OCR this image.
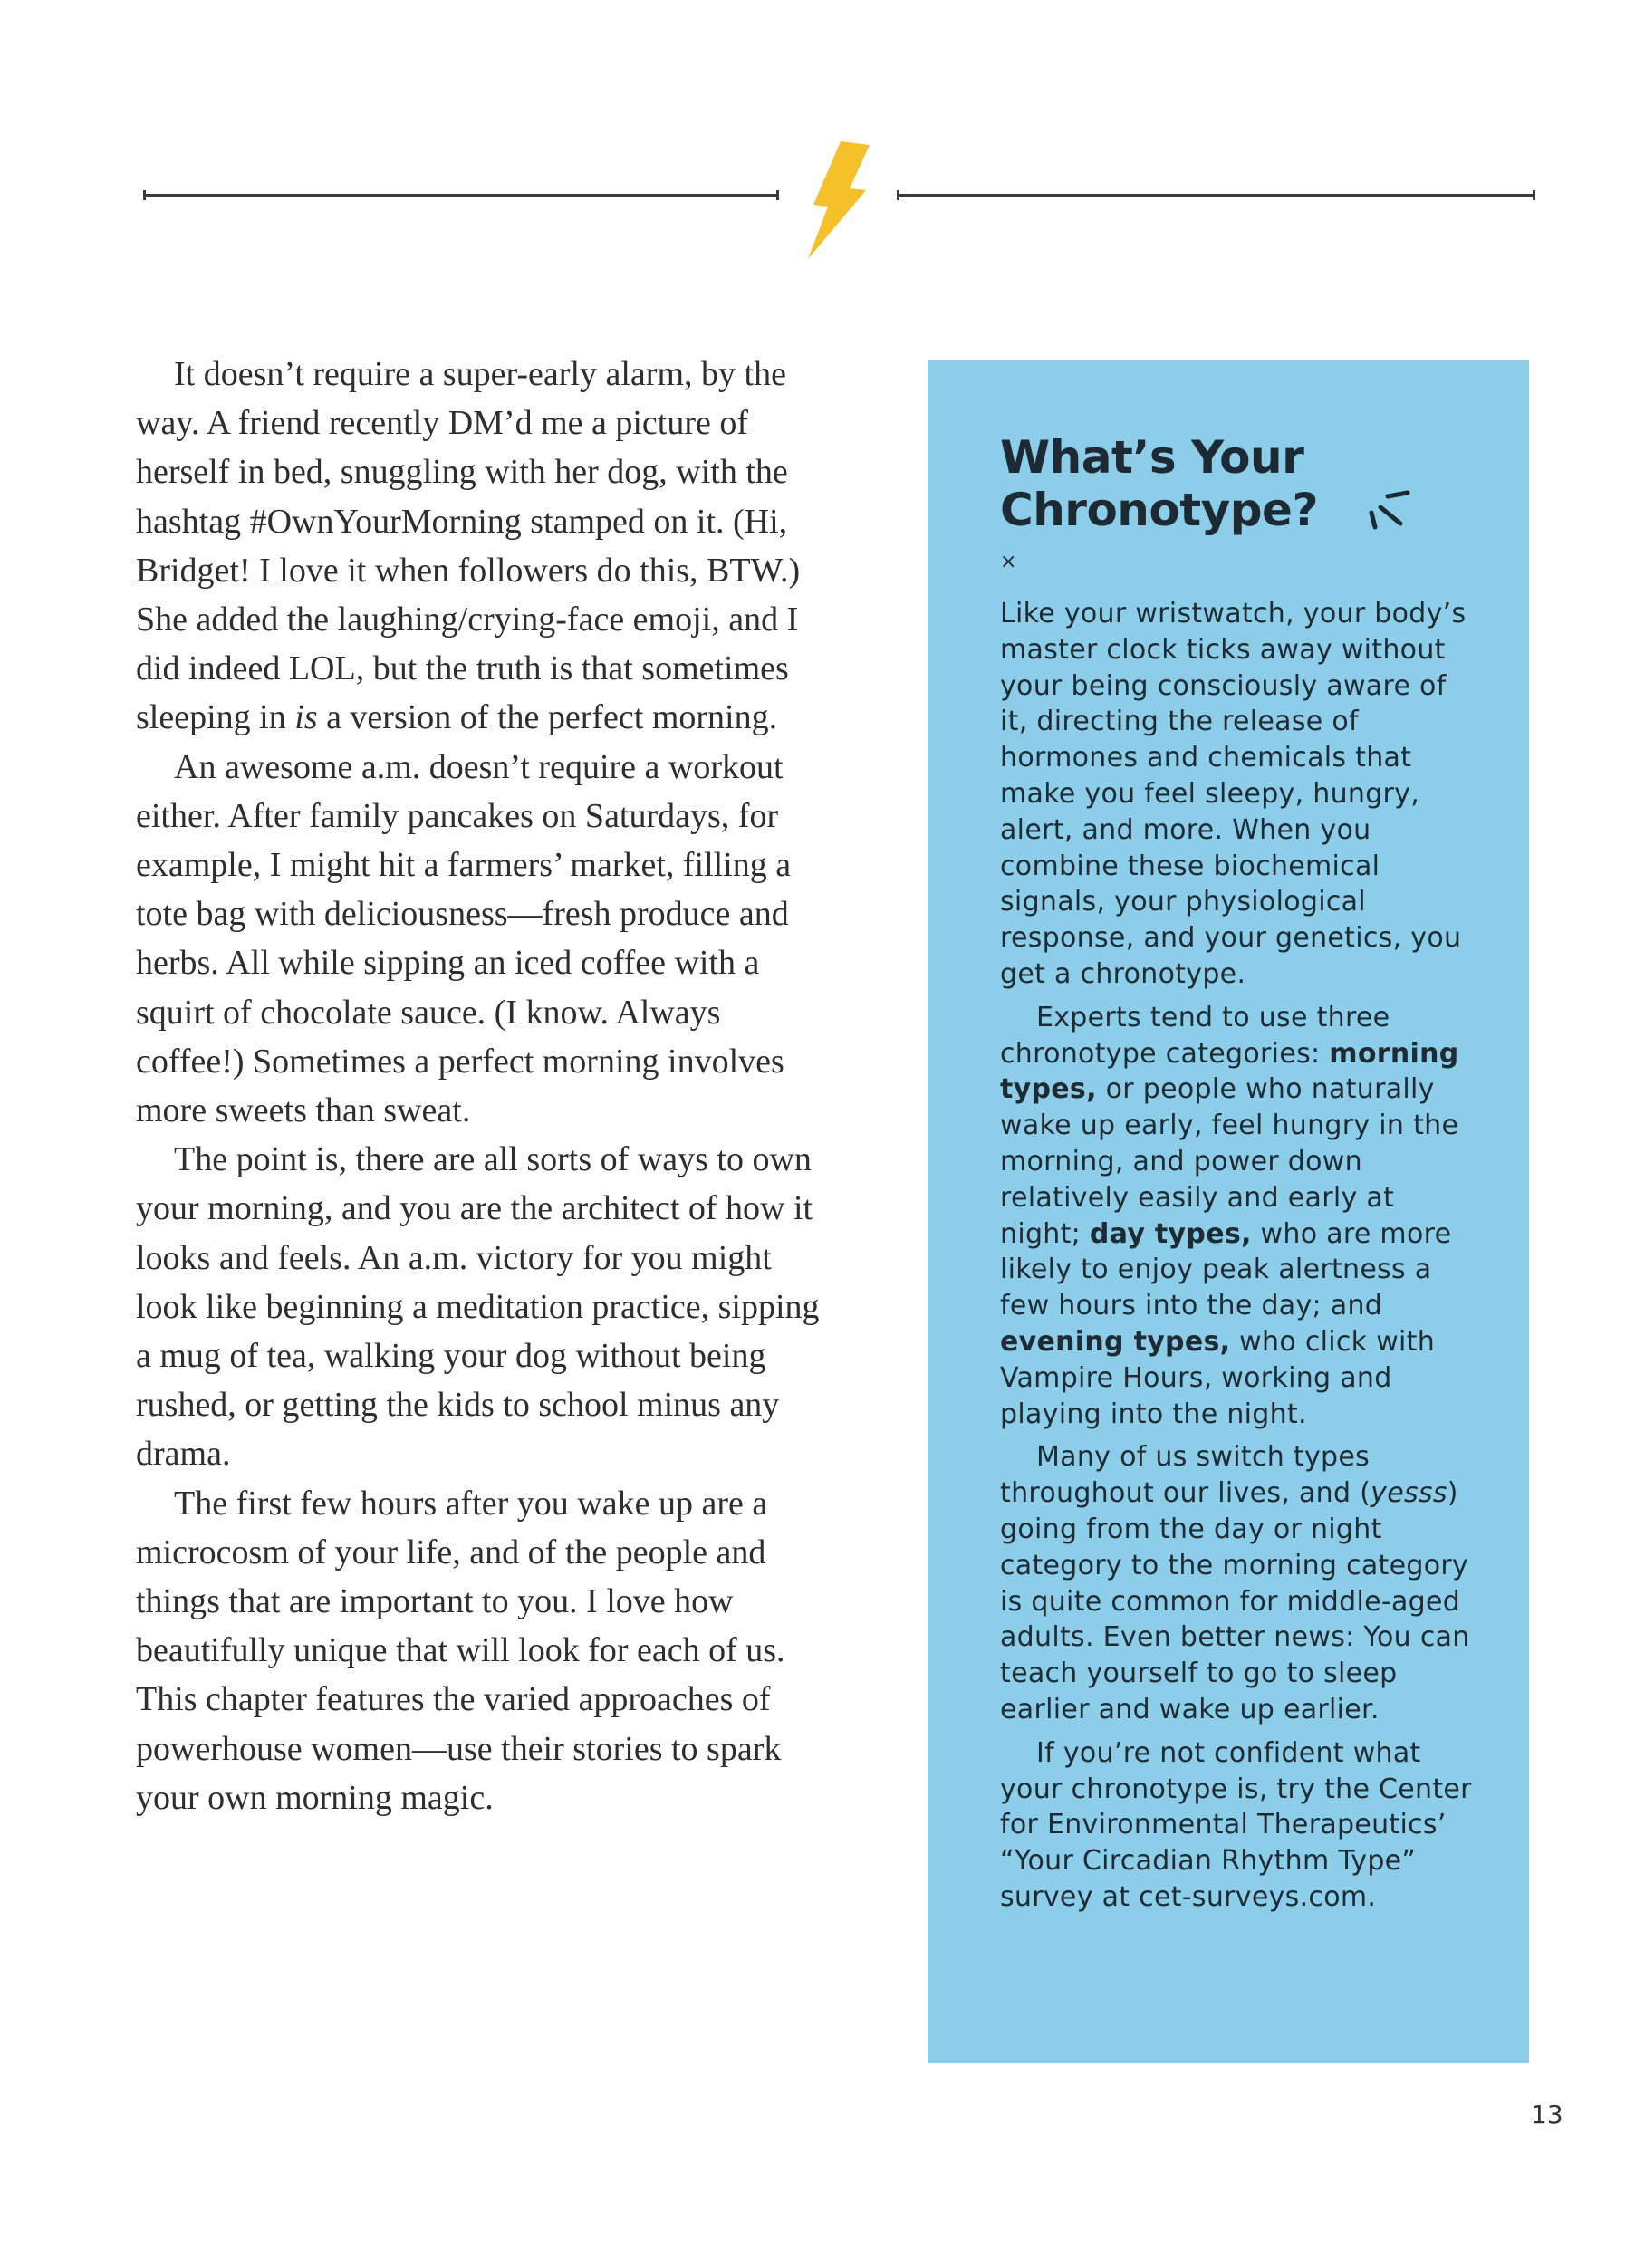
It doesn’t require a super-early alarm, by the way. A friend recently DM’d me a picture of herself in bed, snuggling with her dog, with the hashtag #OwnYourMorning stamped on it. (Hi, Bridget! I love it when followers do this, BTW.) She added the laughing/crying-face emoji, and I did indeed LOL, but the truth is that sometimes sleeping in is a version of the perfect morning.

An awesome a.m. doesn’t require a workout either. After family pancakes on Saturdays, for example, I might hit a farmers’ market, filling a tote bag with deliciousness—fresh produce and herbs. All while sipping an iced coffee with a squirt of chocolate sauce. (I know. Always coffee!) Sometimes a perfect morning involves more sweets than sweat.

The point is, there are all sorts of ways to own your morning, and you are the architect of how it looks and feels. An a.m. victory for you might look like beginning a meditation practice, sipping a mug of tea, walking your dog without being rushed, or getting the kids to school minus any drama.

The first few hours after you wake up are a microcosm of your life, and of the people and things that are important to you. I love how beautifully unique that will look for each of us. This chapter features the varied approaches of powerhouse women—use their stories to spark your own morning magic.

What’s Your
Chronotype?
×

Like your wristwatch, your body’s master clock ticks away without your being consciously aware of it, directing the release of hormones and chemicals that make you feel sleepy, hungry, alert, and more. When you combine these biochemical signals, your physiological response, and your genetics, you get a chronotype.

Experts tend to use three chronotype categories: morning types, or people who naturally wake up early, feel hungry in the morning, and power down relatively easily and early at night; day types, who are more likely to enjoy peak alertness a few hours into the day; and evening types, who click with Vampire Hours, working and playing into the night.

Many of us switch types throughout our lives, and (yesss) going from the day or night category to the morning category is quite common for middle-aged adults. Even better news: You can teach yourself to go to sleep earlier and wake up earlier.

If you’re not confident what your chronotype is, try the Center for Environmental Therapeutics’ “Your Circadian Rhythm Type” survey at cet-surveys.com.

13
